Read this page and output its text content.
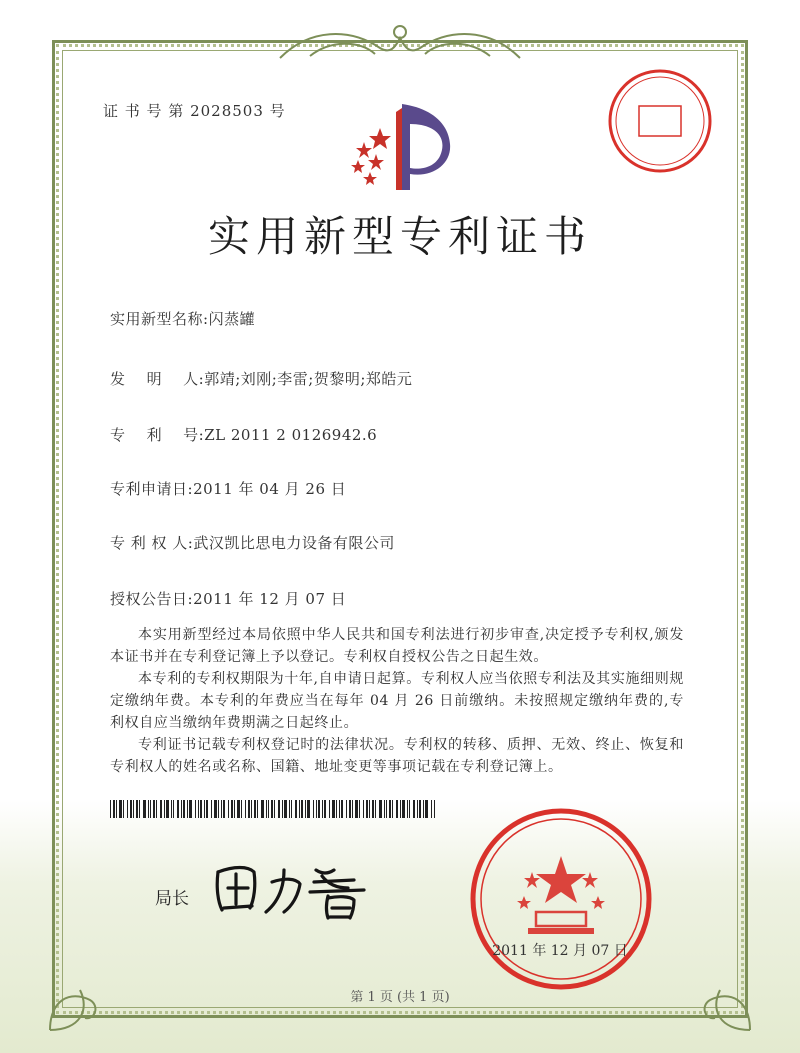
证 书 号 第 2028503 号
实用新型专利证书
实用新型名称:闪蒸罐
发    明    人:郭靖;刘刚;李雷;贺黎明;郑皓元
专    利    号:ZL 2011 2 0126942.6
专利申请日:2011 年 04 月 26 日
专 利 权 人:武汉凯比思电力设备有限公司
授权公告日:2011 年 12 月 07 日

本实用新型经过本局依照中华人民共和国专利法进行初步审查,决定授予专利权,颁发本证书并在专利登记簿上予以登记。专利权自授权公告之日起生效。

本专利的专利权期限为十年,自申请日起算。专利权人应当依照专利法及其实施细则规定缴纳年费。本专利的年费应当在每年 04 月 26 日前缴纳。未按照规定缴纳年费的,专利权自应当缴纳年费期满之日起终止。

专利证书记载专利权登记时的法律状况。专利权的转移、质押、无效、终止、恢复和专利权人的姓名或名称、国籍、地址变更等事项记载在专利登记簿上。

局长
2011 年 12 月 07 日
第 1 页 (共 1 页)
